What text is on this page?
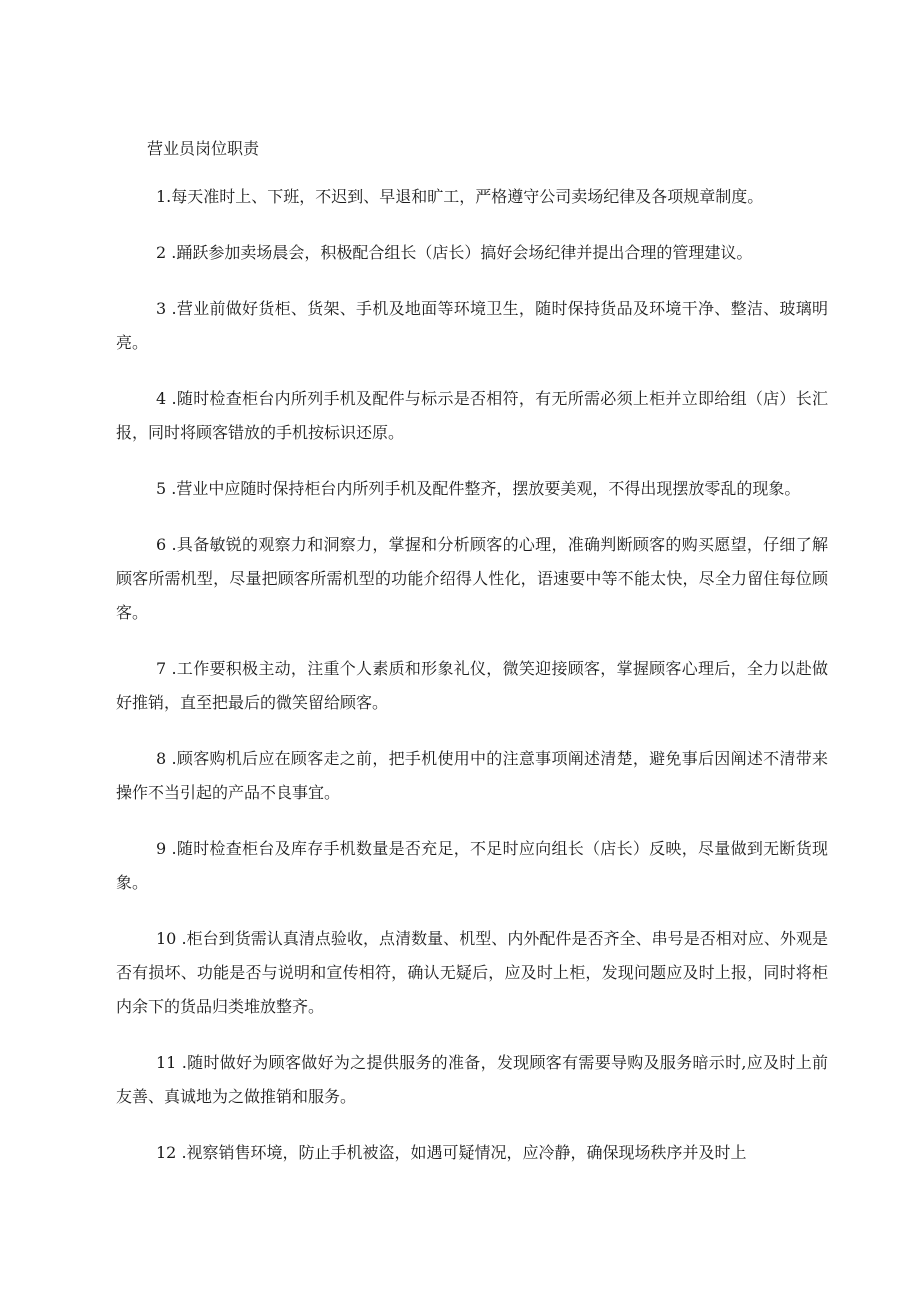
营业员岗位职责

1.每天准时上、下班，不迟到、早退和旷工，严格遵守公司卖场纪律及各项规章制度。

2 .踊跃参加卖场晨会，积极配合组长（店长）搞好会场纪律并提出合理的管理建议。

3 .营业前做好货柜、货架、手机及地面等环境卫生，随时保持货品及环境干净、整洁、玻璃明亮。

4 .随时检查柜台内所列手机及配件与标示是否相符，有无所需必须上柜并立即给组（店）长汇报，同时将顾客错放的手机按标识还原。

5 .营业中应随时保持柜台内所列手机及配件整齐，摆放要美观，不得出现摆放零乱的现象。

6 .具备敏锐的观察力和洞察力，掌握和分析顾客的心理，准确判断顾客的购买愿望，仔细了解顾客所需机型，尽量把顾客所需机型的功能介绍得人性化，语速要中等不能太快，尽全力留住每位顾客。

7 .工作要积极主动，注重个人素质和形象礼仪，微笑迎接顾客，掌握顾客心理后，全力以赴做好推销，直至把最后的微笑留给顾客。

8 .顾客购机后应在顾客走之前，把手机使用中的注意事项阐述清楚，避免事后因阐述不清带来操作不当引起的产品不良事宜。

9 .随时检查柜台及库存手机数量是否充足，不足时应向组长（店长）反映，尽量做到无断货现象。

10 .柜台到货需认真清点验收，点清数量、机型、内外配件是否齐全、串号是否相对应、外观是否有损坏、功能是否与说明和宣传相符，确认无疑后，应及时上柜，发现问题应及时上报，同时将柜内余下的货品归类堆放整齐。

11 .随时做好为顾客做好为之提供服务的准备，发现顾客有需要导购及服务暗示时,应及时上前友善、真诚地为之做推销和服务。

12 .视察销售环境，防止手机被盗，如遇可疑情况，应冷静，确保现场秩序并及时上
